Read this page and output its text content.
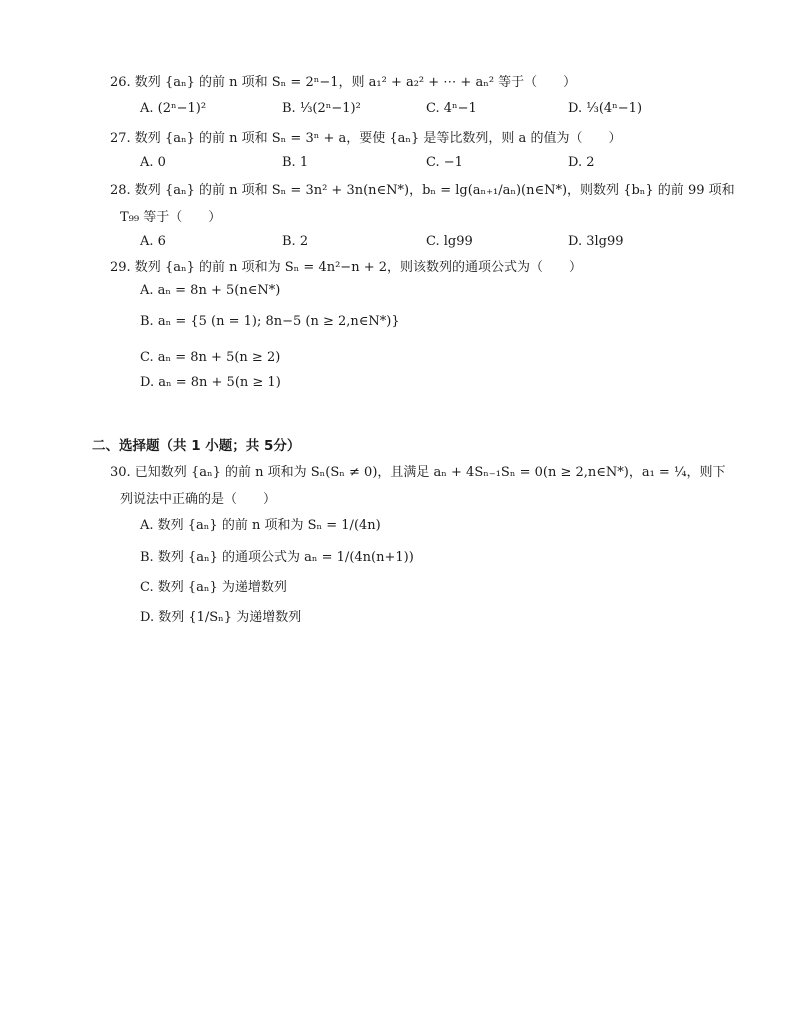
26. 数列 {aₙ} 的前 n 项和 Sₙ = 2ⁿ−1，则 a₁² + a₂² + ⋯ + aₙ² 等于（　　）
A. (2ⁿ−1)²	B. ⅓(2ⁿ−1)²	C. 4ⁿ−1	D. ⅓(4ⁿ−1)
27. 数列 {aₙ} 的前 n 项和 Sₙ = 3ⁿ + a，要使 {aₙ} 是等比数列，则 a 的值为（　　）
A. 0	B. 1	C. −1	D. 2
28. 数列 {aₙ} 的前 n 项和 Sₙ = 3n² + 3n(n∈N*)，bₙ = lg(aₙ₊₁/aₙ)(n∈N*)，则数列 {bₙ} 的前 99 项和
T₉₉ 等于（　　）
A. 6	B. 2	C. lg99	D. 3lg99
29. 数列 {aₙ} 的前 n 项和为 Sₙ = 4n²−n + 2，则该数列的通项公式为（　　）
A. aₙ = 8n + 5(n∈N*)
B. aₙ = {5 (n = 1); 8n−5 (n ≥ 2,n∈N*)}
C. aₙ = 8n + 5(n ≥ 2)
D. aₙ = 8n + 5(n ≥ 1)
二、选择题（共 1 小题；共 5分）
30. 已知数列 {aₙ} 的前 n 项和为 Sₙ(Sₙ ≠ 0)，且满足 aₙ + 4Sₙ₋₁Sₙ = 0(n ≥ 2,n∈N*)，a₁ = ¼，则下
列说法中正确的是（　　）
A. 数列 {aₙ} 的前 n 项和为 Sₙ = 1/(4n)
B. 数列 {aₙ} 的通项公式为 aₙ = 1/(4n(n+1))
C. 数列 {aₙ} 为递增数列
D. 数列 {1/Sₙ} 为递增数列
